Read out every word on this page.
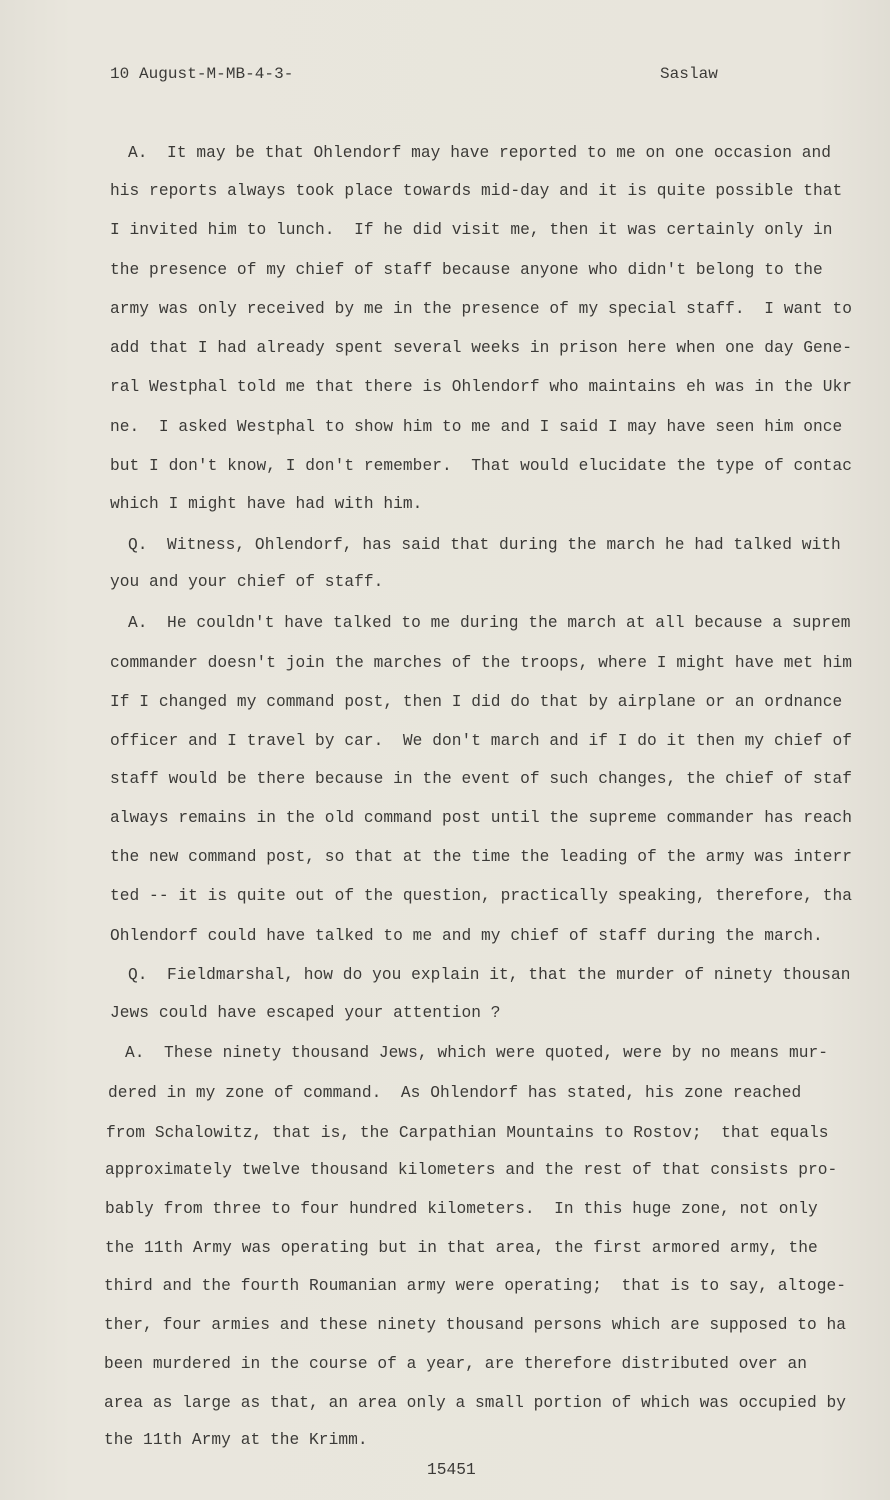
10 August-M-MB-4-3-	Saslaw
A.  It may be that Ohlendorf may have reported to me on one occasion and
his reports always took place towards mid-day and it is quite possible that
I invited him to lunch.  If he did visit me, then it was certainly only in
the presence of my chief of staff because anyone who didn't belong to the
army was only received by me in the presence of my special staff.  I want to
add that I had already spent several weeks in prison here when one day Gene-
ral Westphal told me that there is Ohlendorf who maintains eh was in the Ukr
ne.  I asked Westphal to show him to me and I said I may have seen him once
but I don't know, I don't remember.  That would elucidate the type of contac
which I might have had with him.
Q.  Witness, Ohlendorf, has said that during the march he had talked with
you and your chief of staff.
A.  He couldn't have talked to me during the march at all because a suprem
commander doesn't join the marches of the troops, where I might have met him
If I changed my command post, then I did do that by airplane or an ordnance
officer and I travel by car.  We don't march and if I do it then my chief of
staff would be there because in the event of such changes, the chief of staf
always remains in the old command post until the supreme commander has reach
the new command post, so that at the time the leading of the army was interr
ted -- it is quite out of the question, practically speaking, therefore, tha
Ohlendorf could have talked to me and my chief of staff during the march.
Q.  Fieldmarshal, how do you explain it, that the murder of ninety thousan
Jews could have escaped your attention ?
A.  These ninety thousand Jews, which were quoted, were by no means mur-
dered in my zone of command.  As Ohlendorf has stated, his zone reached
from Schalowitz, that is, the Carpathian Mountains to Rostov;  that equals
approximately twelve thousand kilometers and the rest of that consists pro-
bably from three to four hundred kilometers.  In this huge zone, not only
the 11th Army was operating but in that area, the first armored army, the
third and the fourth Roumanian army were operating;  that is to say, altoge-
ther, four armies and these ninety thousand persons which are supposed to ha
been murdered in the course of a year, are therefore distributed over an
area as large as that, an area only a small portion of which was occupied by
the 11th Army at the Krimm.
15451
